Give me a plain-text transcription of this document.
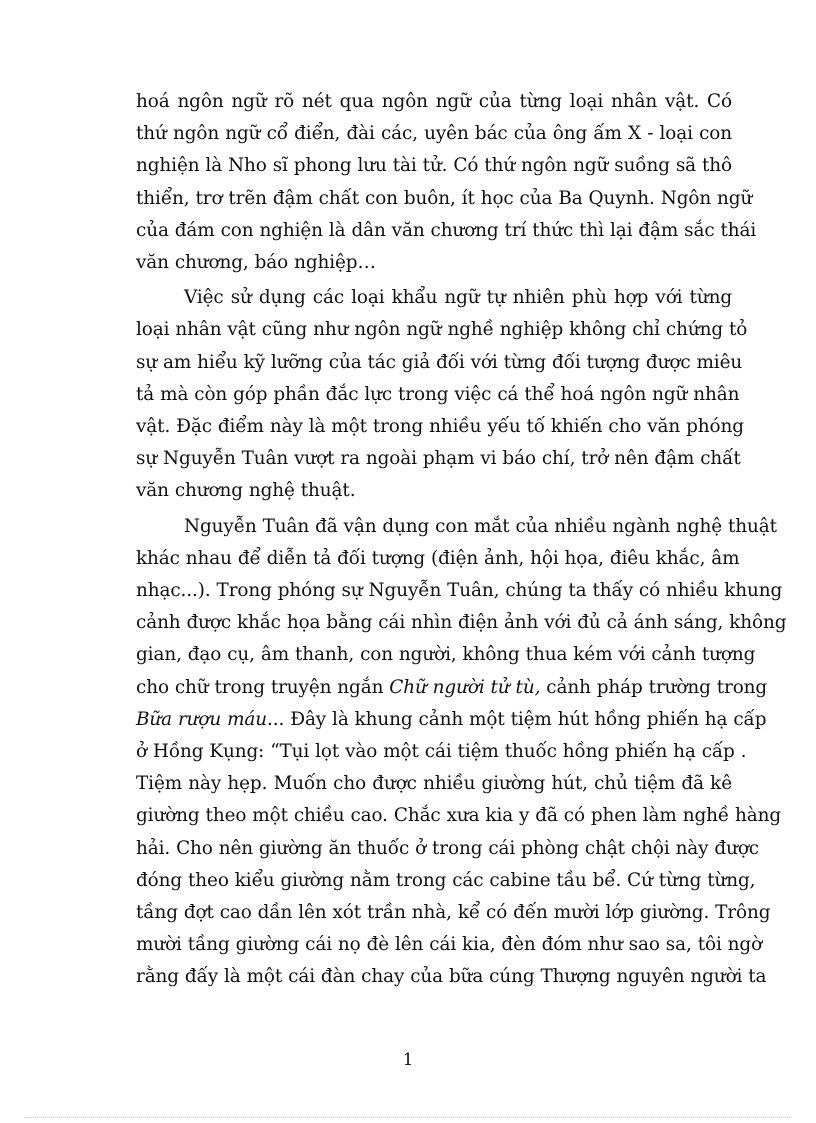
hoá ngôn ngữ rõ nét qua ngôn ngữ của từng loại nhân vật. Có
thứ ngôn ngữ cổ điển, đài các, uyên bác của ông ấm X - loại con
nghiện là Nho sĩ phong lưu tài tử. Có thứ ngôn ngữ suồng sã thô
thiển, trơ trẽn đậm chất con buôn, ít học của Ba Quynh. Ngôn ngữ
của đám con nghiện là dân văn chương trí thức thì lại đậm sắc thái
văn chương, báo nghiệp…

Việc sử dụng các loại khẩu ngữ tự nhiên phù hợp với từng
loại nhân vật cũng như ngôn ngữ nghề nghiệp không chỉ chứng tỏ
sự am hiểu kỹ lưỡng của tác giả đối với từng đối tượng được miêu
tả mà còn góp phần đắc lực trong việc cá thể hoá ngôn ngữ nhân
vật. Đặc điểm này là một trong nhiều yếu tố khiến cho văn phóng
sự Nguyễn Tuân vượt ra ngoài phạm vi báo chí, trở nên đậm chất
văn chương nghệ thuật.

Nguyễn Tuân đã vận dụng con mắt của nhiều ngành nghệ thuật
khác nhau để diễn tả đối tượng (điện ảnh, hội họa, điêu khắc, âm
nhạc...). Trong phóng sự Nguyễn Tuân, chúng ta thấy có nhiều khung
cảnh được khắc họa bằng cái nhìn điện ảnh với đủ cả ánh sáng, không
gian, đạo cụ, âm thanh, con người, không thua kém với cảnh tượng
cho chữ trong truyện ngắn Chữ người tử tù, cảnh pháp trường trong
Bữa rượu máu... Đây là khung cảnh một tiệm hút hồng phiến hạ cấp
ở Hồng Kụng: “Tụi lọt vào một cái tiệm thuốc hồng phiến hạ cấp .
Tiệm này hẹp. Muốn cho được nhiều giường hút, chủ tiệm đã kê
giường theo một chiều cao. Chắc xưa kia y đã có phen làm nghề hàng
hải. Cho nên giường ăn thuốc ở trong cái phòng chật chội này được
đóng theo kiểu giường nằm trong các cabine tầu bể. Cứ từng từng,
tầng đợt cao dần lên xót trần nhà, kể có đến mười lớp giường. Trông
mười tầng giường cái nọ đè lên cái kia, đèn đóm như sao sa, tôi ngờ
rằng đấy là một cái đàn chay của bữa cúng Thượng nguyên người ta

1
